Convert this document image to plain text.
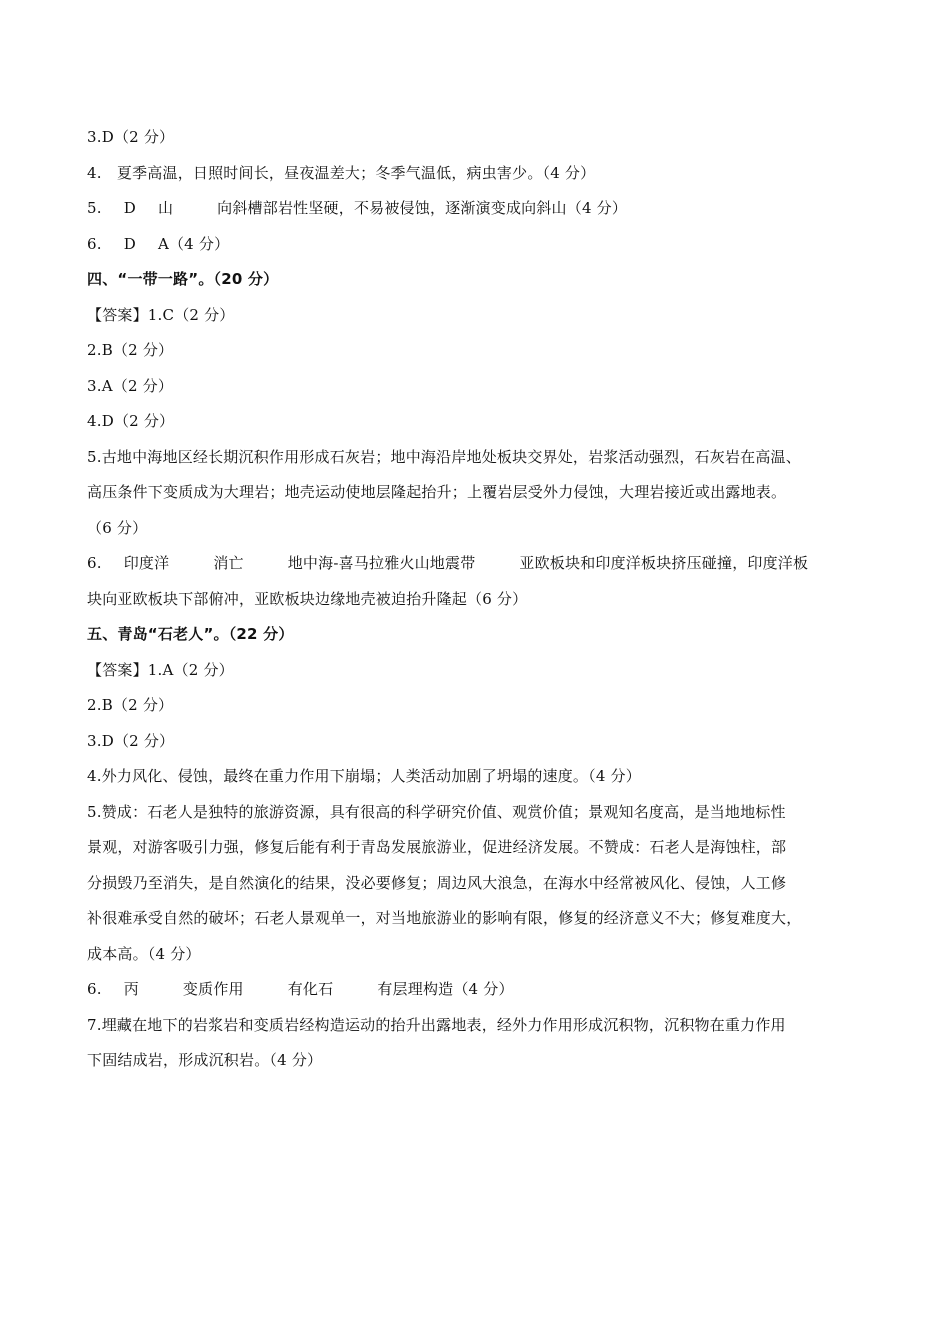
3.D（2 分）
4.　夏季高温，日照时间长，昼夜温差大；冬季气温低，病虫害少。（4 分）
5. D 山	向斜槽部岩性坚硬，不易被侵蚀，逐渐演变成向斜山（4 分）
6. D A（4 分）
四、“一带一路”。（20 分）
【答案】1.C（2 分）
2.B（2 分）
3.A（2 分）
4.D（2 分）
5.古地中海地区经长期沉积作用形成石灰岩；地中海沿岸地处板块交界处，岩浆活动强烈，石灰岩在高温、
高压条件下变质成为大理岩；地壳运动使地层隆起抬升；上覆岩层受外力侵蚀，大理岩接近或出露地表。
（6 分）
6. 印度洋	消亡	地中海-喜马拉雅火山地震带	亚欧板块和印度洋板块挤压碰撞，印度洋板
块向亚欧板块下部俯冲，亚欧板块边缘地壳被迫抬升隆起（6 分）
五、青岛“石老人”。（22 分）
【答案】1.A（2 分）
2.B（2 分）
3.D（2 分）
4.外力风化、侵蚀，最终在重力作用下崩塌；人类活动加剧了坍塌的速度。（4 分）
5.赞成：石老人是独特的旅游资源，具有很高的科学研究价值、观赏价值；景观知名度高，是当地地标性
景观，对游客吸引力强，修复后能有利于青岛发展旅游业，促进经济发展。不赞成：石老人是海蚀柱，部
分损毁乃至消失，是自然演化的结果，没必要修复；周边风大浪急，在海水中经常被风化、侵蚀，人工修
补很难承受自然的破坏；石老人景观单一，对当地旅游业的影响有限，修复的经济意义不大；修复难度大，
成本高。（4 分）
6. 丙	变质作用	有化石	有层理构造（4 分）
7.埋藏在地下的岩浆岩和变质岩经构造运动的抬升出露地表，经外力作用形成沉积物，沉积物在重力作用
下固结成岩，形成沉积岩。（4 分）
